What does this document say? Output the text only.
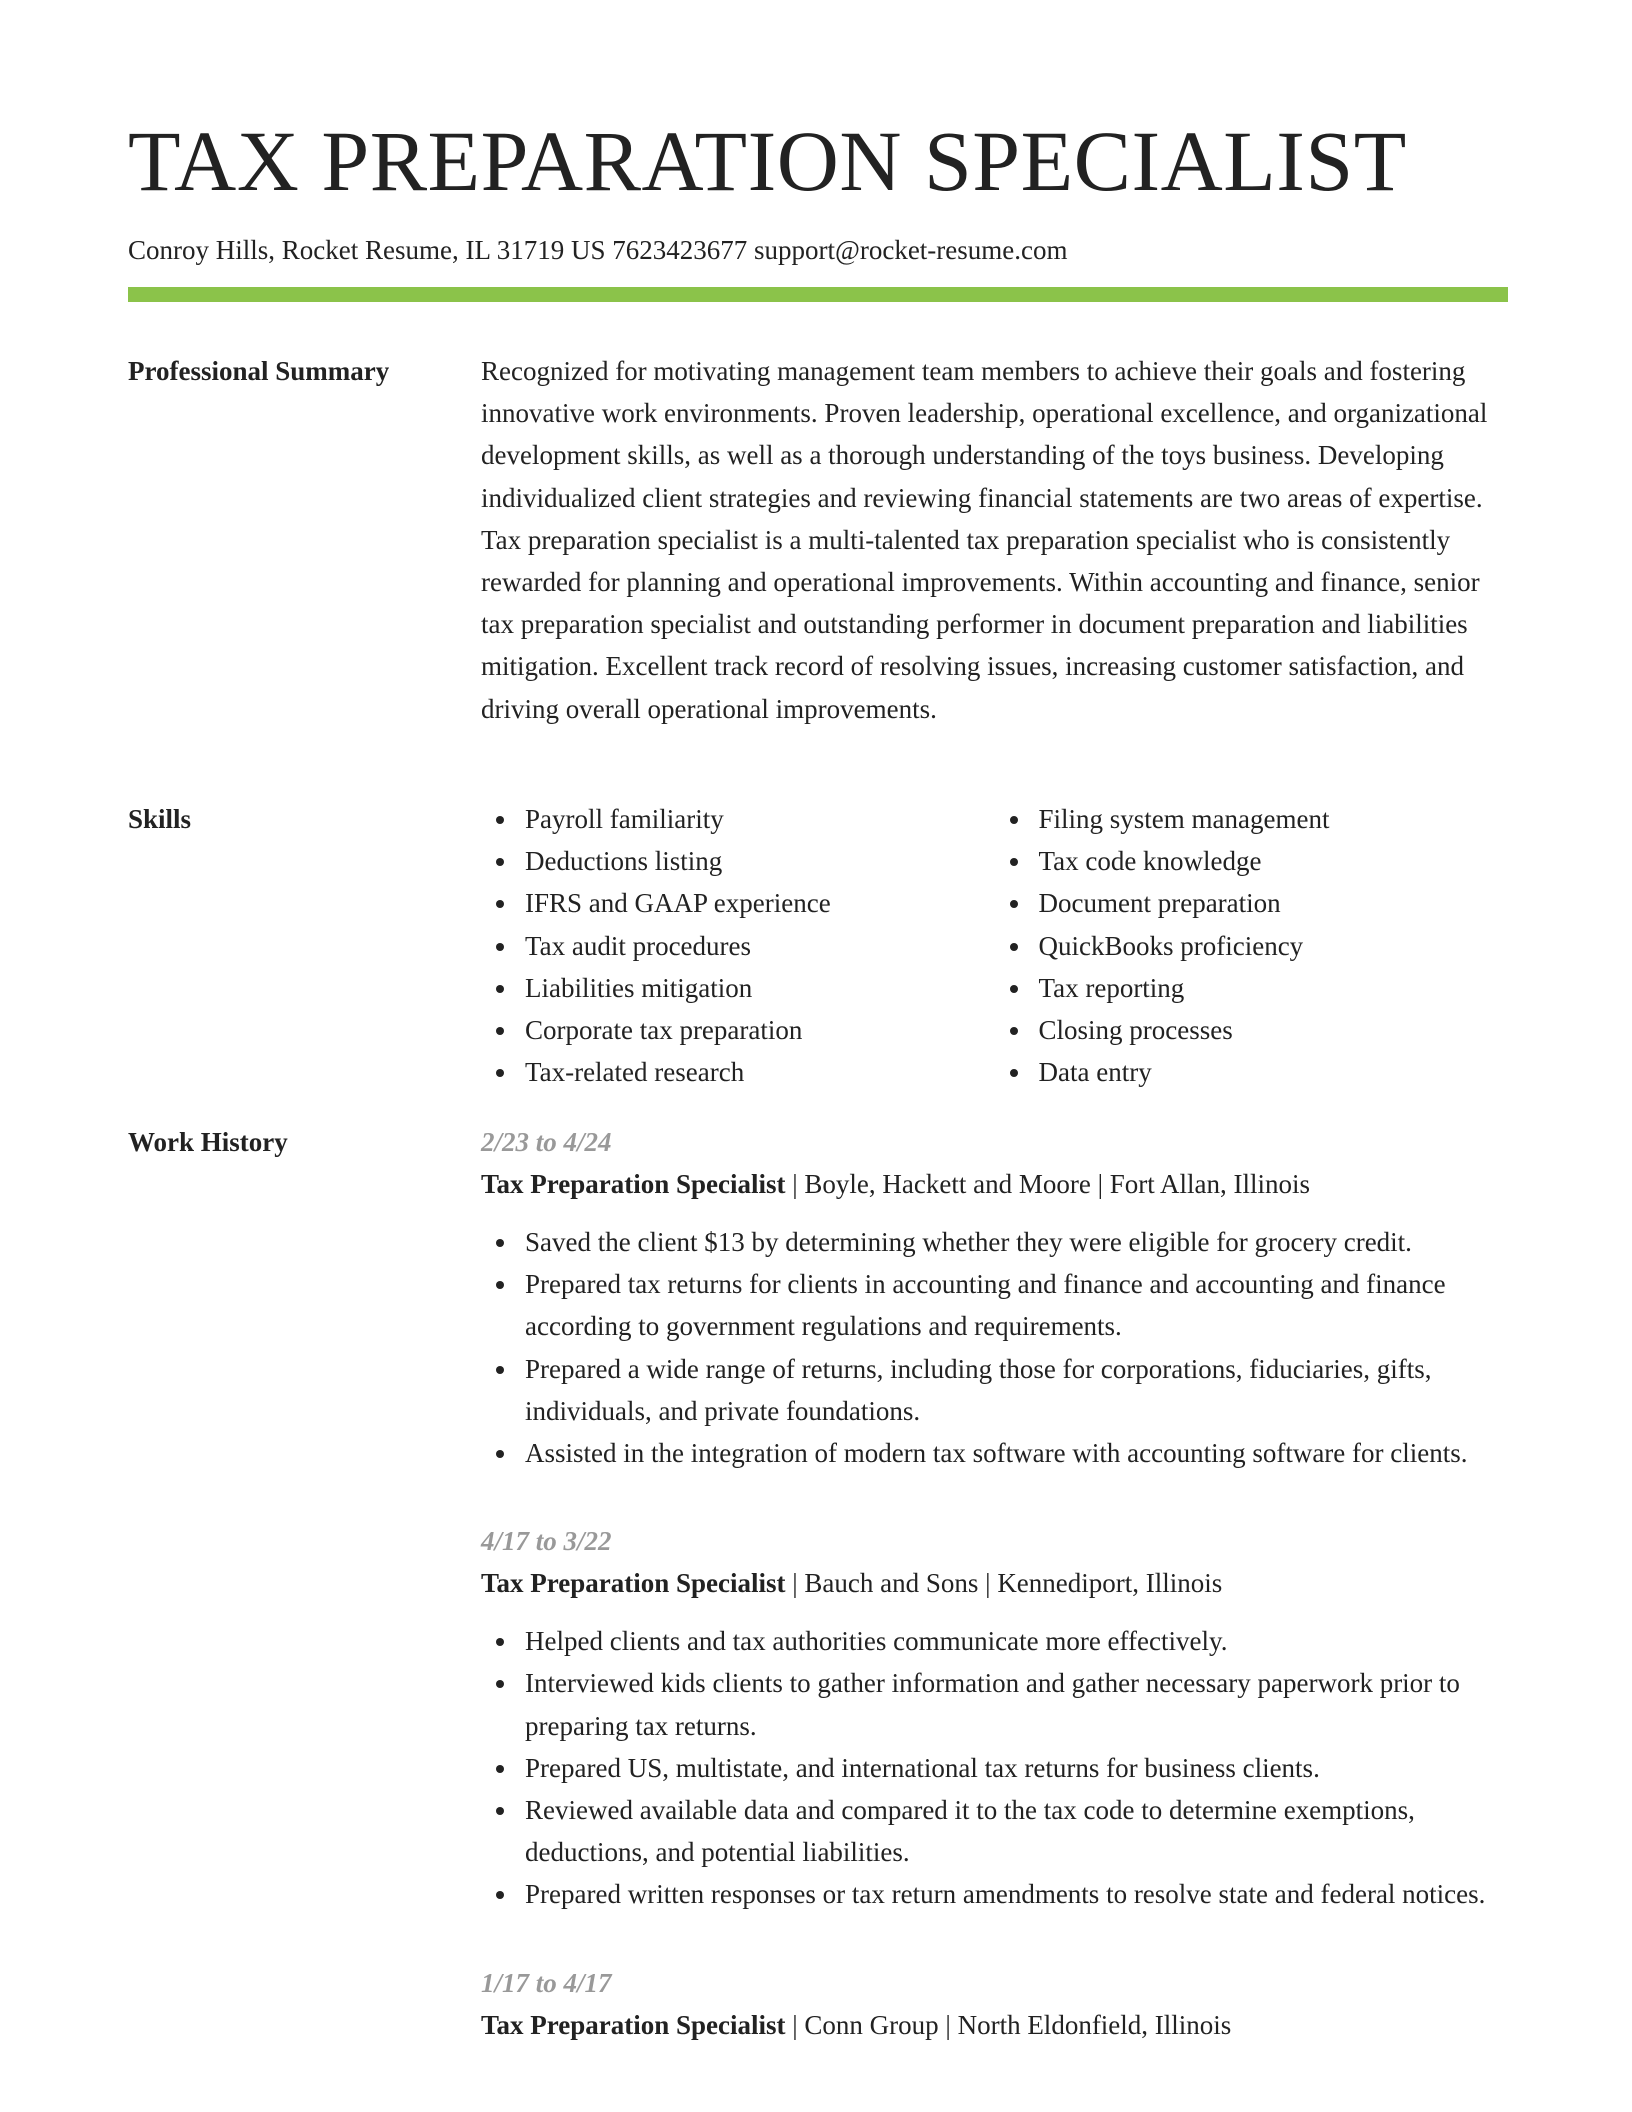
TAX PREPARATION SPECIALIST
Conroy Hills, Rocket Resume, IL 31719 US 7623423677 support@rocket-resume.com
Professional Summary	Recognized for motivating management team members to achieve their goals and fostering innovative work environments. Proven leadership, operational excellence, and organizational development skills, as well as a thorough understanding of the toys business. Developing individualized client strategies and reviewing financial statements are two areas of expertise. Tax preparation specialist is a multi-talented tax preparation specialist who is consistently rewarded for planning and operational improvements. Within accounting and finance, senior tax preparation specialist and outstanding performer in document preparation and liabilities mitigation. Excellent track record of resolving issues, increasing customer satisfaction, and driving overall operational improvements.

Skills	Payroll familiarity
Deductions listing
IFRS and GAAP experience
Tax audit procedures
Liabilities mitigation
Corporate tax preparation
Tax-related research
Filing system management
Tax code knowledge
Document preparation
QuickBooks proficiency
Tax reporting
Closing processes
Data entry
Work History	2/23 to 4/24
Tax Preparation Specialist | Boyle, Hackett and Moore | Fort Allan, Illinois
Saved the client $13 by determining whether they were eligible for grocery credit.
Prepared tax returns for clients in accounting and finance and accounting and finance according to government regulations and requirements.
Prepared a wide range of returns, including those for corporations, fiduciaries, gifts, individuals, and private foundations.
Assisted in the integration of modern tax software with accounting software for clients.
4/17 to 3/22
Tax Preparation Specialist | Bauch and Sons | Kennediport, Illinois
Helped clients and tax authorities communicate more effectively.
Interviewed kids clients to gather information and gather necessary paperwork prior to preparing tax returns.
Prepared US, multistate, and international tax returns for business clients.
Reviewed available data and compared it to the tax code to determine exemptions, deductions, and potential liabilities.
Prepared written responses or tax return amendments to resolve state and federal notices.
1/17 to 4/17
Tax Preparation Specialist | Conn Group | North Eldonfield, Illinois
